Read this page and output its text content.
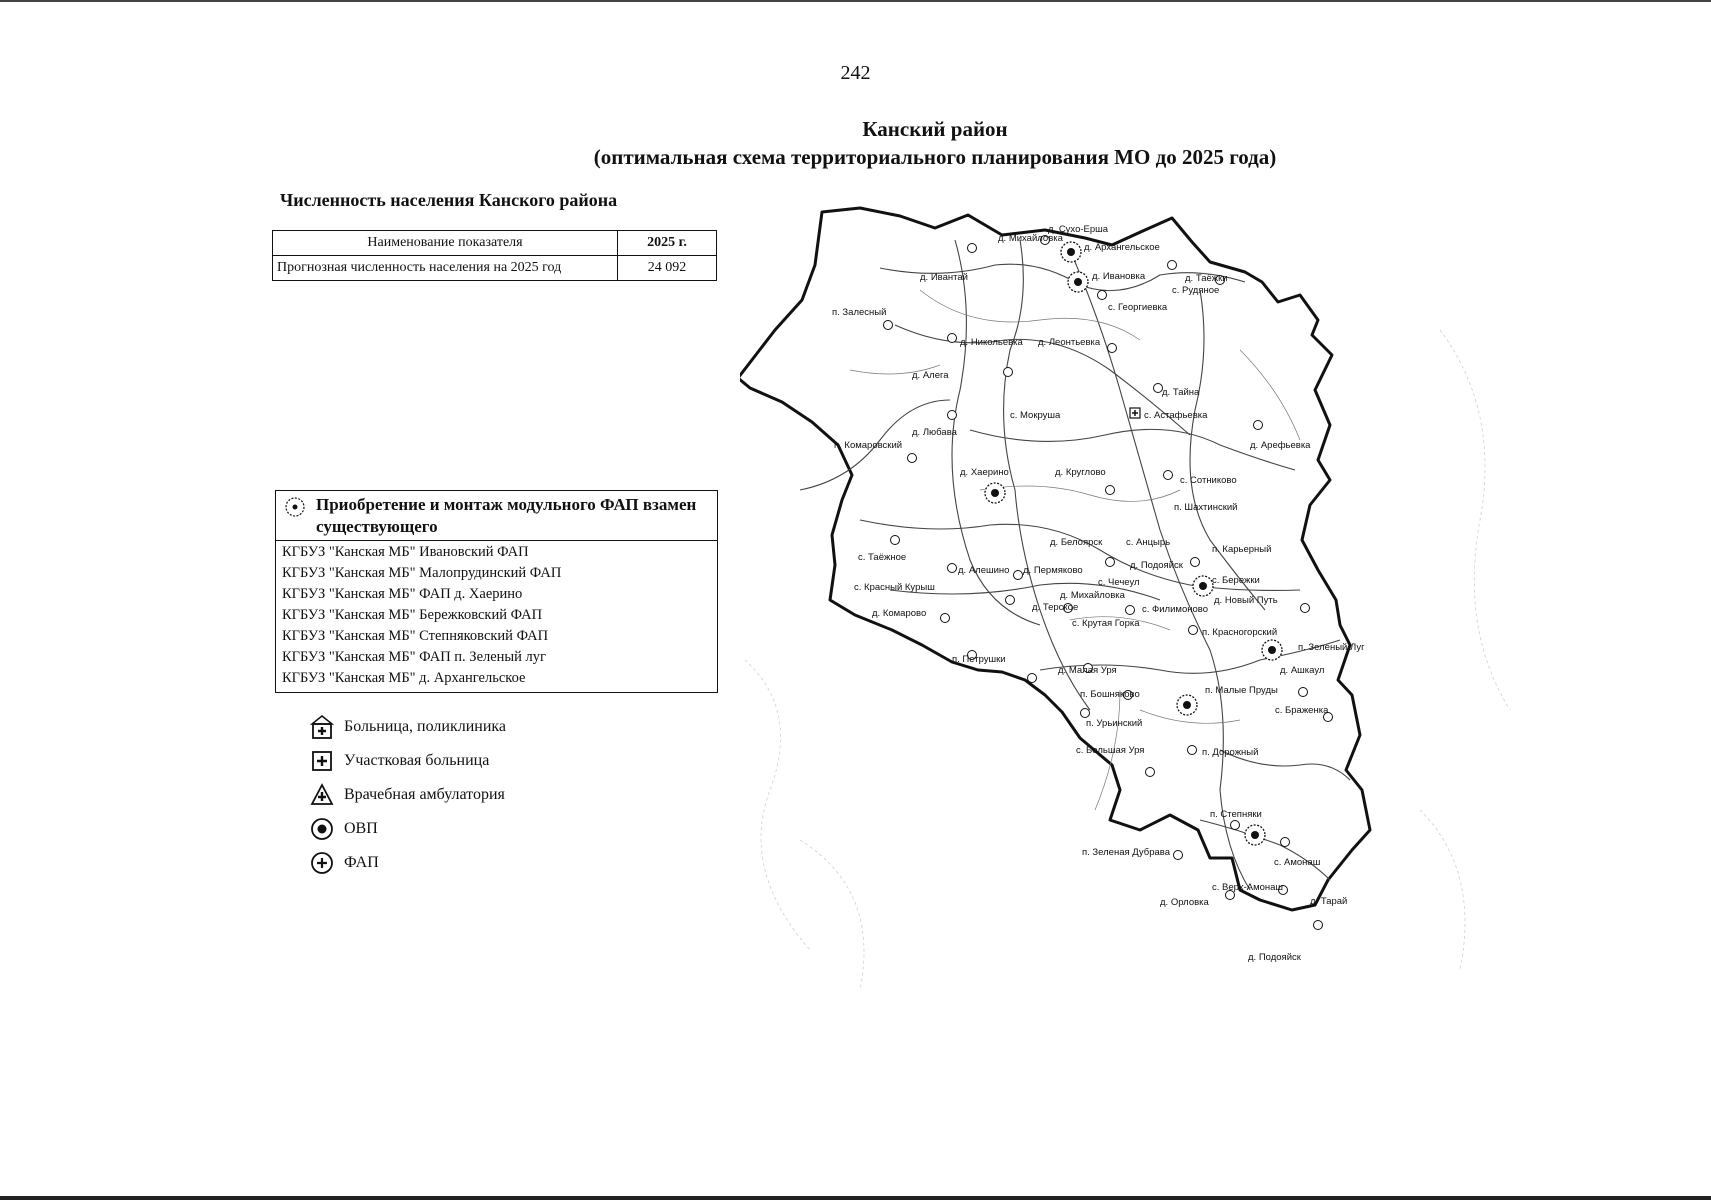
242
Канский район
(оптимальная схема территориального планирования МО до 2025 года)
Численность населения Канского района
Наименование показателя	2025 г.
Прогнозная численность населения на 2025 год	24 092
Приобретение и монтаж модульного ФАП взамен существующего
КГБУЗ "Канская МБ" Ивановский ФАП
КГБУЗ "Канская МБ" Малопрудинский ФАП
КГБУЗ "Канская МБ" ФАП д. Хаерино
КГБУЗ "Канская МБ" Бережковский ФАП
КГБУЗ "Канская МБ" Степняковский ФАП
КГБУЗ "Канская МБ" ФАП п. Зеленый луг
КГБУЗ "Канская МБ" д. Архангельское
Больница, поликлиника
Участковая больница
Врачебная амбулатория
ОВП
ФАП
д. Михайловка
д. Сухо-Ерша
д. Архангельское
д. Ивановка	д. Таёжки
д. Ивантай
с. Рудяное
с. Георгиевка
п. Залесный
д. Никольевка д. Леонтьевка
д. Алега
с. Мокруша
д. Тайна
с. Астафьевка
д. Любава
п. Комаровский	д. Арефьевка
д. Хаерино	д. Круглово
с. Сотниково
п. Шахтинский
д. Белоярск с. Анцырь
п. Карьерный
с. Таёжное
д. Алешино д. Пермяково	д. Подояйск
с. Бережки
с. Красный Курыш	с. Чечеул
д. Михайловка	д. Новый Путь
д. Комарово
д. Терское	с. Филимоново
с. Крутая Горка
п. Красногорский
п. Зеленый Луг
п. Петрушки
д. Малая Уря	д. Ашкаул
п. Бошняково	п. Малые Пруды
п. Урьинский
с. Браженка
с. Большая Уря	п. Дорожный
п. Степняки
п. Зеленая Дубрава
с. Амонаш
с. Верх-Амонаш
д. Тарай
д. Орловка
д. Подояйск
